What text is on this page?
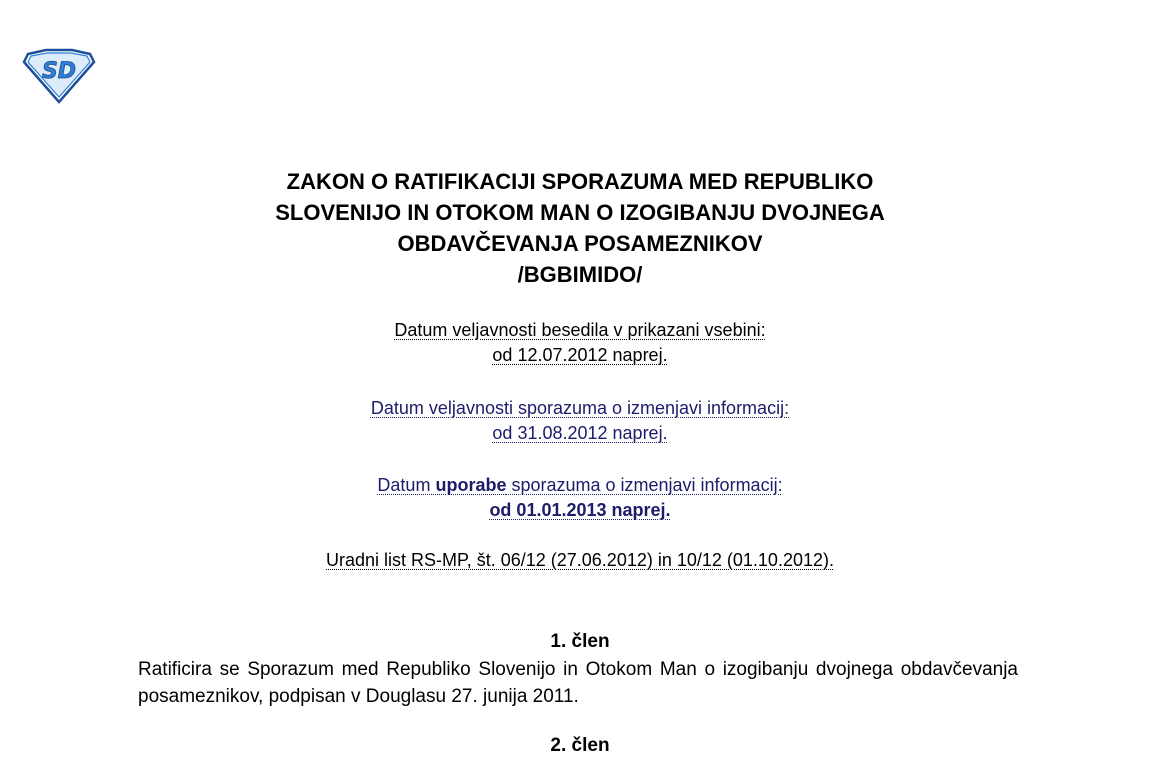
SD
ZAKON O RATIFIKACIJI SPORAZUMA MED REPUBLIKO
SLOVENIJO IN OTOKOM MAN O IZOGIBANJU DVOJNEGA
OBDAVČEVANJA POSAMEZNIKOV
/BGBIMIDO/
Datum veljavnosti besedila v prikazani vsebini:
od 12.07.2012 naprej.
Datum veljavnosti sporazuma o izmenjavi informacij:
od 31.08.2012 naprej.
Datum uporabe sporazuma o izmenjavi informacij:
od 01.01.2013 naprej.
Uradni list RS-MP, št. 06/12 (27.06.2012) in 10/12 (01.10.2012).
1. člen
Ratificira se Sporazum med Republiko Slovenijo in Otokom Man o izogibanju dvojnega obdavčevanja posameznikov, podpisan v Douglasu 27. junija 2011.
2. člen
